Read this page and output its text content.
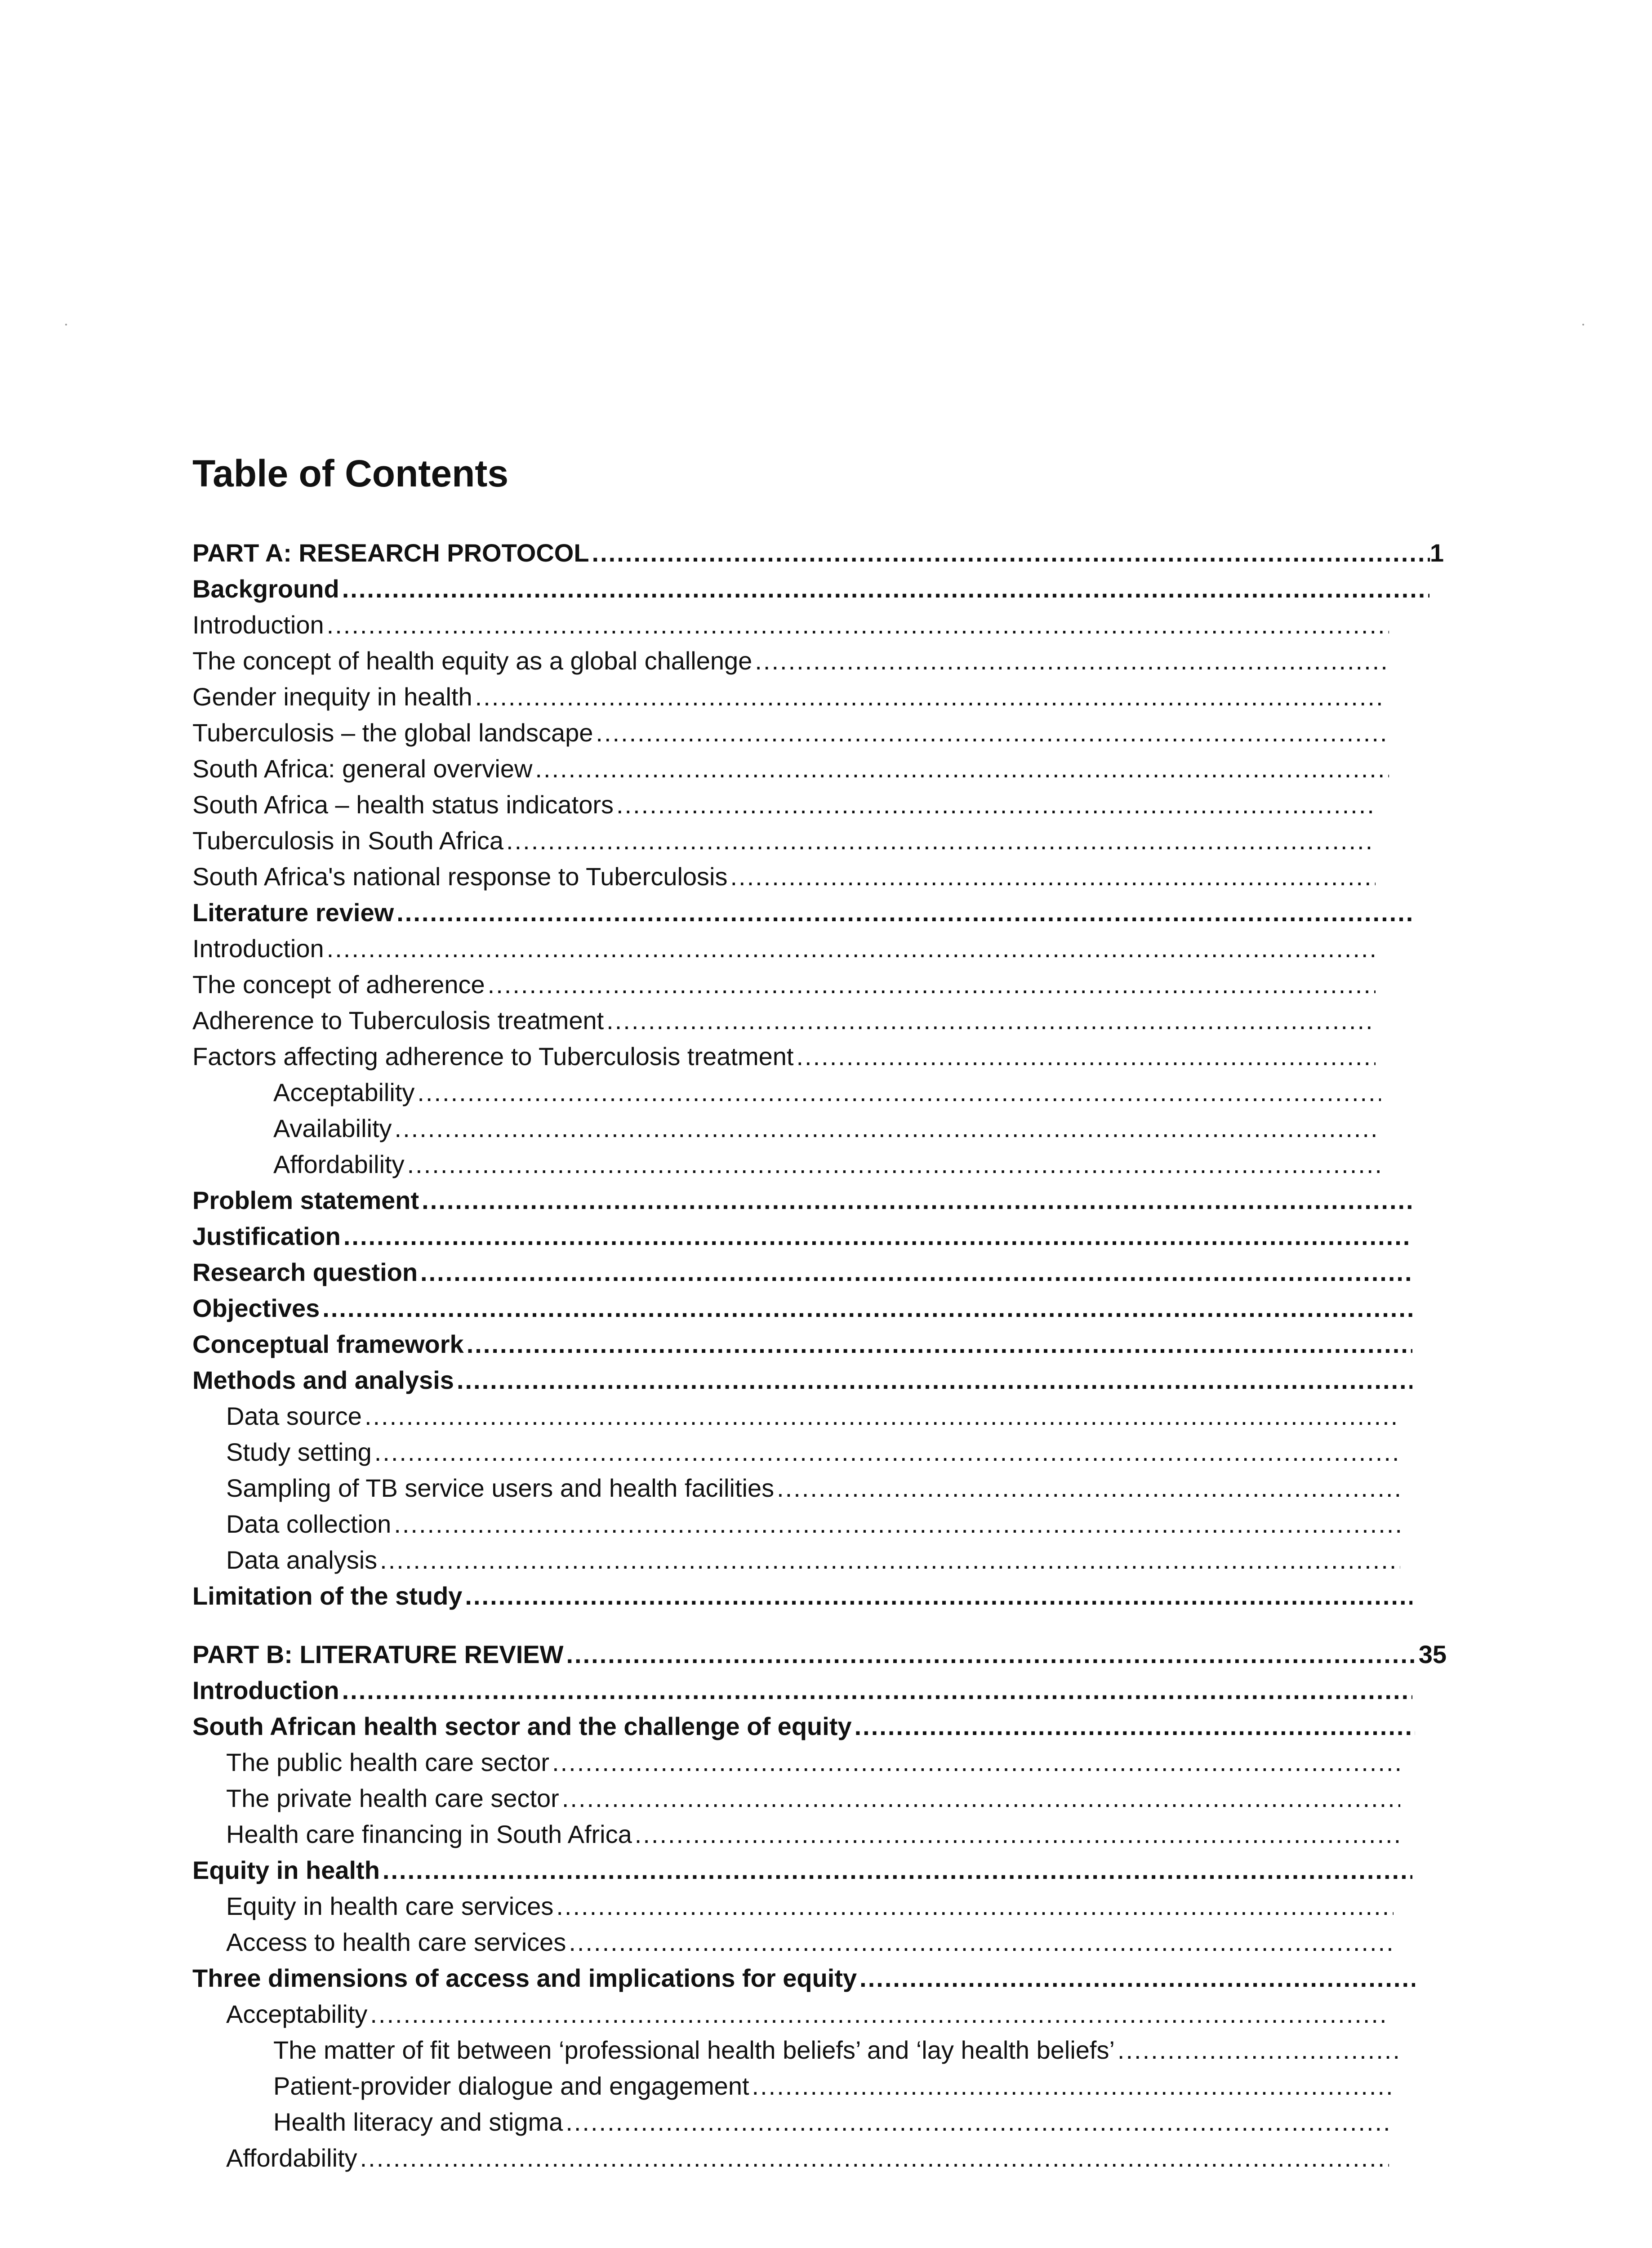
Table of Contents
PART A: RESEARCH PROTOCOL .....	1
Background
.....
Introduction
.....
The concept of health equity as a global challenge
.....
Gender inequity in health
.....
Tuberculosis – the global landscape
.....
South Africa: general overview
.....
South Africa – health status indicators
.....
Tuberculosis in South Africa
.....
South Africa's national response to Tuberculosis
.....
Literature review
.....
Introduction
.....
The concept of adherence
.....
Adherence to Tuberculosis treatment
.....
Factors affecting adherence to Tuberculosis treatment
.....
Acceptability
.....
Availability
.....
Affordability
.....
Problem statement
.....
Justification
.....
Research question
.....
Objectives
.....
Conceptual framework
.....
Methods and analysis
.....
Data source
.....
Study setting
.....
Sampling of TB service users and health facilities
.....
Data collection
.....
Data analysis
.....
Limitation of the study
.....
PART B: LITERATURE REVIEW .....	35
Introduction
.....
South African health sector and the challenge of equity
.....
The public health care sector
.....
The private health care sector
.....
Health care financing in South Africa
.....
Equity in health
.....
Equity in health care services
.....
Access to health care services
.....
Three dimensions of access and implications for equity
.....
Acceptability
.....
The matter of fit between ‘professional health beliefs’ and ‘lay health beliefs’
.....
Patient-provider dialogue and engagement
.....
Health literacy and stigma
.....
Affordability
.....
